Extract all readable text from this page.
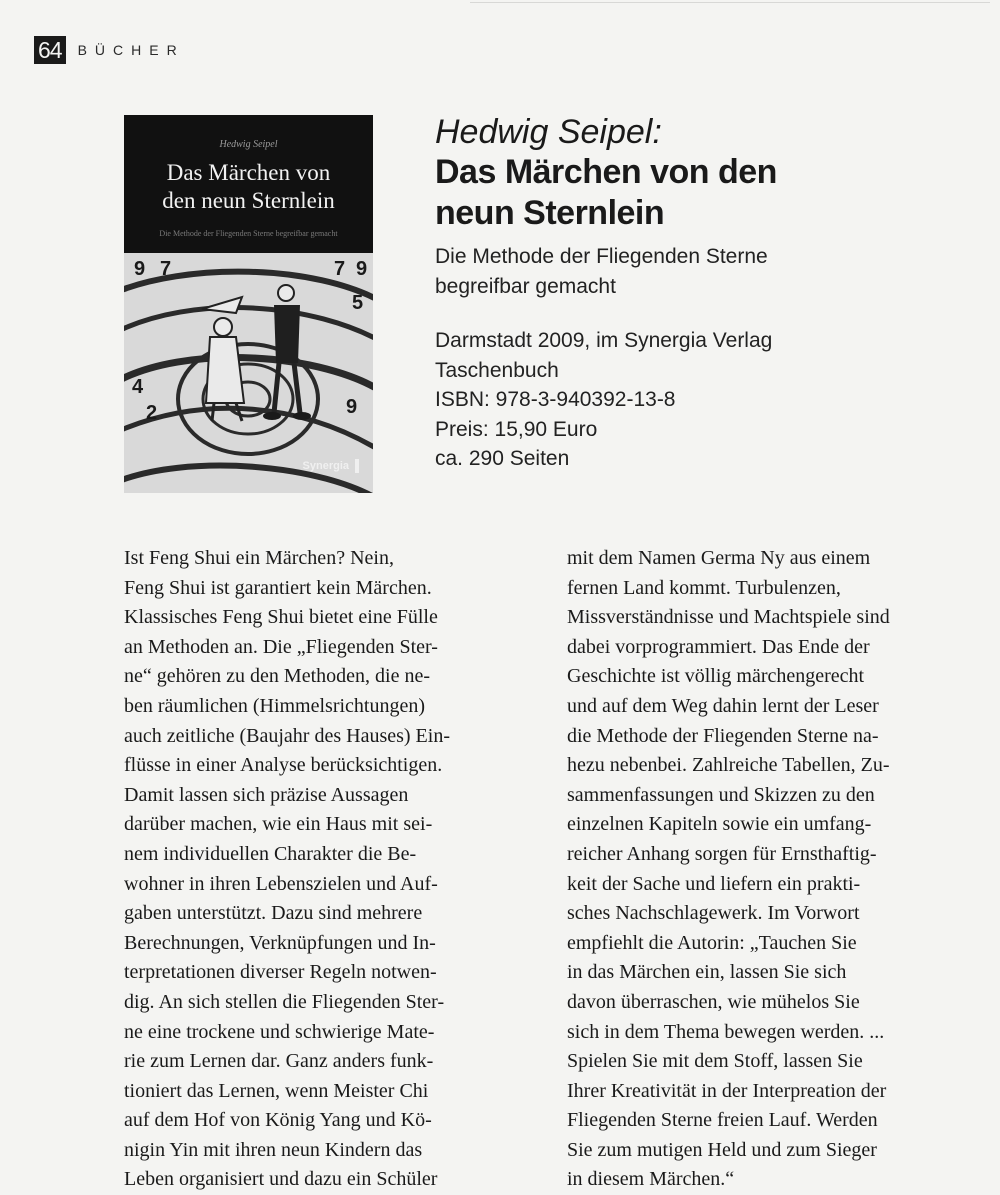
64 BÜCHER
Hedwig Seipel
Das Märchen von
den neun Sternlein
Die Methode der Fliegenden Sterne begreifbar gemacht
9 7	7 9
5
4
2	9
Synergia
Hedwig Seipel:
Das Märchen von den
neun Sternlein
Die Methode der Fliegenden Sterne
begreifbar gemacht
Darmstadt 2009, im Synergia Verlag
Taschenbuch
ISBN: 978-3-940392-13-8
Preis: 15,90 Euro
ca. 290 Seiten
Ist Feng Shui ein Märchen? Nein,
Feng Shui ist garantiert kein Märchen.
Klassisches Feng Shui bietet eine Fülle
an Methoden an. Die „Fliegenden Ster-
ne“ gehören zu den Methoden, die ne-
ben räumlichen (Himmelsrichtungen)
auch zeitliche (Baujahr des Hauses) Ein-
flüsse in einer Analyse berücksichtigen.
Damit lassen sich präzise Aussagen
darüber machen, wie ein Haus mit sei-
nem individuellen Charakter die Be-
wohner in ihren Lebenszielen und Auf-
gaben unterstützt. Dazu sind mehrere
Berechnungen, Verknüpfungen und In-
terpretationen diverser Regeln notwen-
dig. An sich stellen die Fliegenden Ster-
ne eine trockene und schwierige Mate-
rie zum Lernen dar. Ganz anders funk-
tioniert das Lernen, wenn Meister Chi
auf dem Hof von König Yang und Kö-
nigin Yin mit ihren neun Kindern das
Leben organisiert und dazu ein Schüler
mit dem Namen Germa Ny aus einem
fernen Land kommt. Turbulenzen,
Missverständnisse und Machtspiele sind
dabei vorprogrammiert. Das Ende der
Geschichte ist völlig märchengerecht
und auf dem Weg dahin lernt der Leser
die Methode der Fliegenden Sterne na-
hezu nebenbei. Zahlreiche Tabellen, Zu-
sammenfassungen und Skizzen zu den
einzelnen Kapiteln sowie ein umfang-
reicher Anhang sorgen für Ernsthaftig-
keit der Sache und liefern ein prakti-
sches Nachschlagewerk. Im Vorwort
empfiehlt die Autorin: „Tauchen Sie
in das Märchen ein, lassen Sie sich
davon überraschen, wie mühelos Sie
sich in dem Thema bewegen werden. ...
Spielen Sie mit dem Stoff, lassen Sie
Ihrer Kreativität in der Interpreation der
Fliegenden Sterne freien Lauf. Werden
Sie zum mutigen Held und zum Sieger
in diesem Märchen.“
